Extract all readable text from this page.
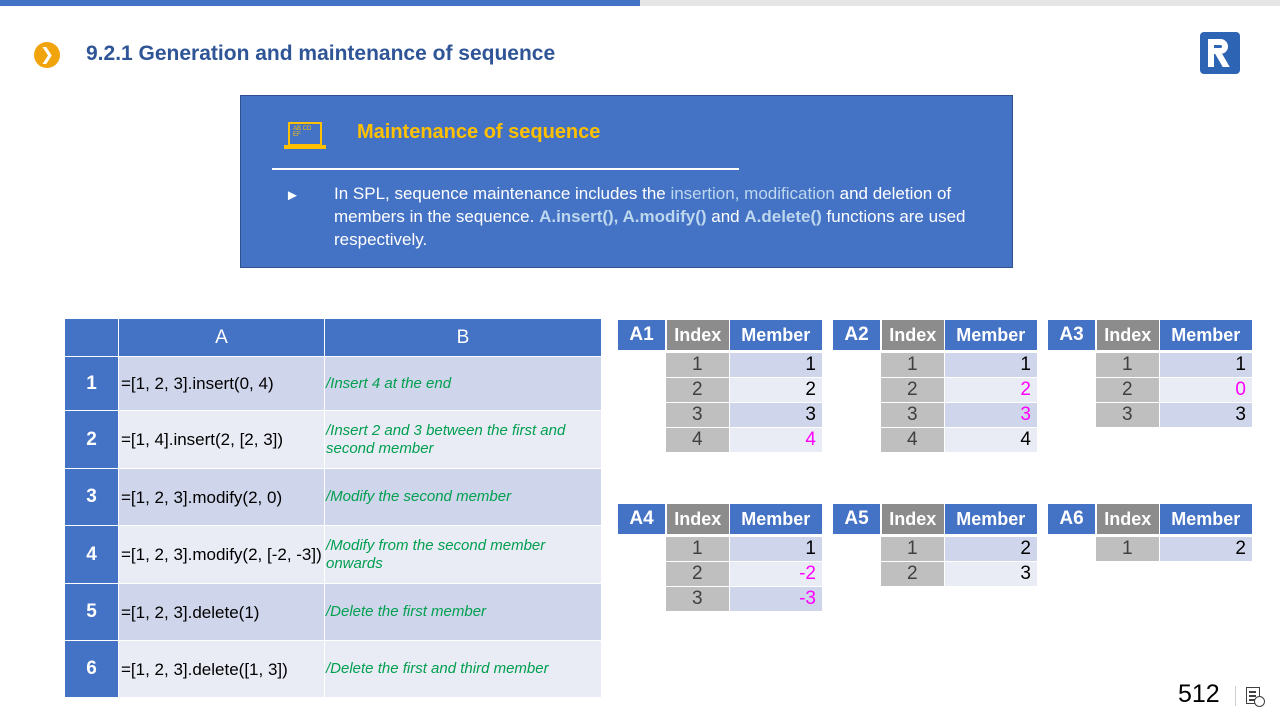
❯ 9.2.1 Generation and maintenance of sequence
AB CD EF	Maintenance of sequence
► In SPL, sequence maintenance includes the insertion, modification and deletion of members in the sequence. A.insert(), A.modify() and A.delete() functions are used respectively.
	A	B
1	=[1, 2, 3].insert(0, 4)	/Insert 4 at the end
2	=[1, 4].insert(2, [2, 3])	/Insert 2 and 3 between the first and second member
3	=[1, 2, 3].modify(2, 0)	/Modify the second member
4	=[1, 2, 3].modify(2, [-2, -3])	/Modify from the second member onwards
5	=[1, 2, 3].delete(1)	/Delete the first member
6	=[1, 2, 3].delete([1, 3])	/Delete the first and third member
A1	Index	Member

	1	1
	2	2
	3	3
	4	4
A2	Index	Member

	1	1
	2	2
	3	3
	4	4
A3	Index	Member

	1	1
	2	0
	3	3
A4	Index	Member

	1	1
	2	-2
	3	-3
A5	Index	Member

	1	2
	2	3
A6	Index	Member

	1	2
512
